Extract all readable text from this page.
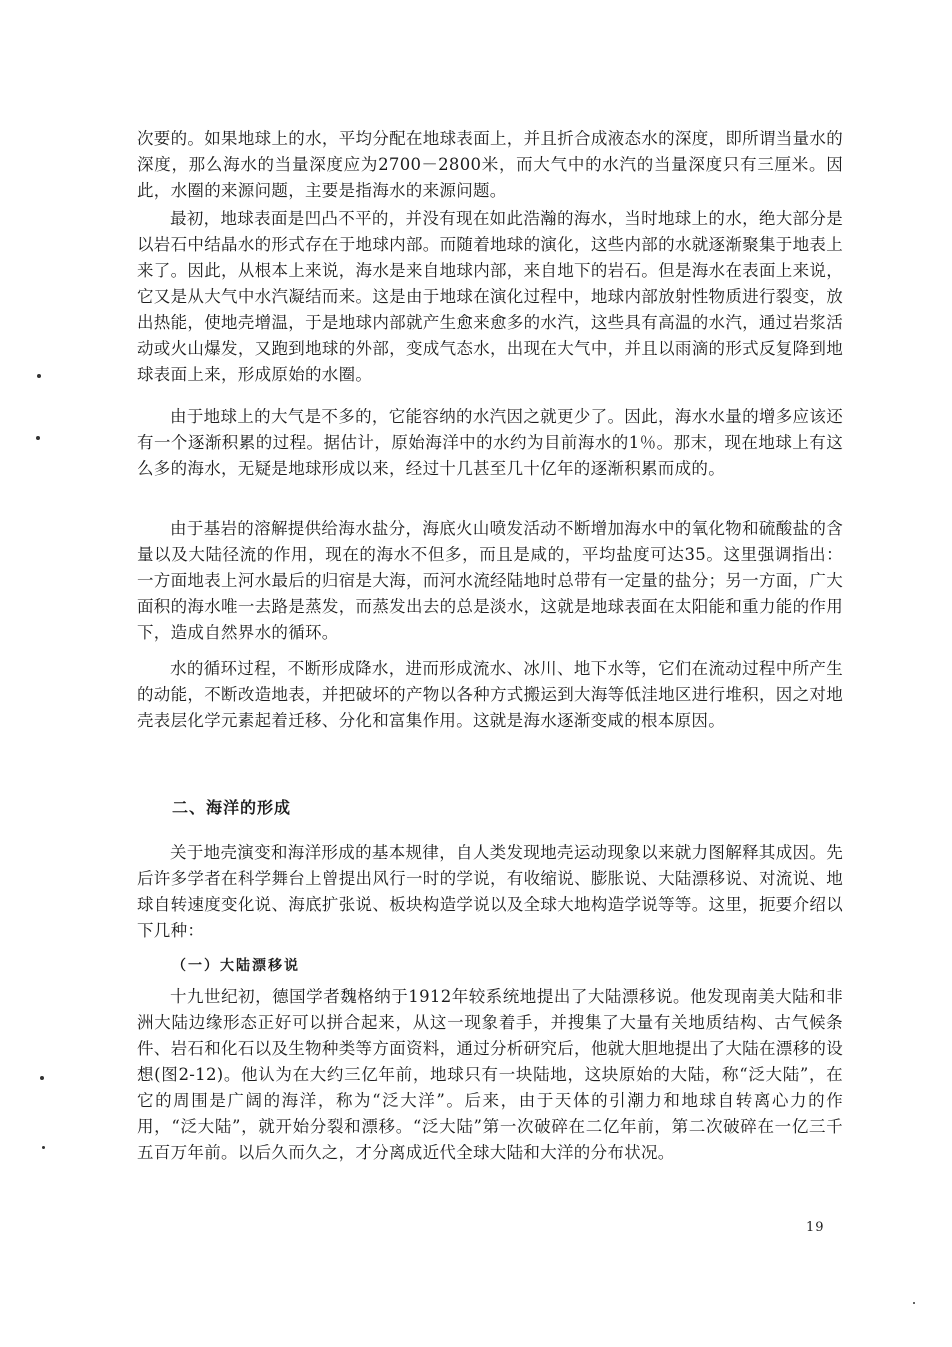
次要的。如果地球上的水，平均分配在地球表面上，并且折合成液态水的深度，即所谓当量水的深度，那么海水的当量深度应为2700－2800米，而大气中的水汽的当量深度只有三厘米。因此，水圈的来源问题，主要是指海水的来源问题。

最初，地球表面是凹凸不平的，并没有现在如此浩瀚的海水，当时地球上的水，绝大部分是以岩石中结晶水的形式存在于地球内部。而随着地球的演化，这些内部的水就逐渐聚集于地表上来了。因此，从根本上来说，海水是来自地球内部，来自地下的岩石。但是海水在表面上来说，它又是从大气中水汽凝结而来。这是由于地球在演化过程中，地球内部放射性物质进行裂变，放出热能，使地壳增温，于是地球内部就产生愈来愈多的水汽，这些具有高温的水汽，通过岩浆活动或火山爆发，又跑到地球的外部，变成气态水，出现在大气中，并且以雨滴的形式反复降到地球表面上来，形成原始的水圈。

由于地球上的大气是不多的，它能容纳的水汽因之就更少了。因此，海水水量的增多应该还有一个逐渐积累的过程。据估计，原始海洋中的水约为目前海水的1％。那末，现在地球上有这么多的海水，无疑是地球形成以来，经过十几甚至几十亿年的逐渐积累而成的。

由于基岩的溶解提供给海水盐分，海底火山喷发活动不断增加海水中的氧化物和硫酸盐的含量以及大陆径流的作用，现在的海水不但多，而且是咸的，平均盐度可达35。这里强调指出：一方面地表上河水最后的归宿是大海，而河水流经陆地时总带有一定量的盐分；另一方面，广大面积的海水唯一去路是蒸发，而蒸发出去的总是淡水，这就是地球表面在太阳能和重力能的作用下，造成自然界水的循环。

水的循环过程，不断形成降水，进而形成流水、冰川、地下水等，它们在流动过程中所产生的动能，不断改造地表，并把破坏的产物以各种方式搬运到大海等低洼地区进行堆积，因之对地壳表层化学元素起着迁移、分化和富集作用。这就是海水逐渐变咸的根本原因。

二、海洋的形成

关于地壳演变和海洋形成的基本规律，自人类发现地壳运动现象以来就力图解释其成因。先后许多学者在科学舞台上曾提出风行一时的学说，有收缩说、膨胀说、大陆漂移说、对流说、地球自转速度变化说、海底扩张说、板块构造学说以及全球大地构造学说等等。这里，扼要介绍以下几种：

（一）大陆漂移说

十九世纪初，德国学者魏格纳于1912年较系统地提出了大陆漂移说。他发现南美大陆和非洲大陆边缘形态正好可以拼合起来，从这一现象着手，并搜集了大量有关地质结构、古气候条件、岩石和化石以及生物种类等方面资料，通过分析研究后，他就大胆地提出了大陆在漂移的设想(图2-12)。他认为在大约三亿年前，地球只有一块陆地，这块原始的大陆，称“泛大陆”，在它的周围是广阔的海洋，称为“泛大洋”。后来，由于天体的引潮力和地球自转离心力的作用，“泛大陆”，就开始分裂和漂移。“泛大陆”第一次破碎在二亿年前，第二次破碎在一亿三千五百万年前。以后久而久之，才分离成近代全球大陆和大洋的分布状况。

19
